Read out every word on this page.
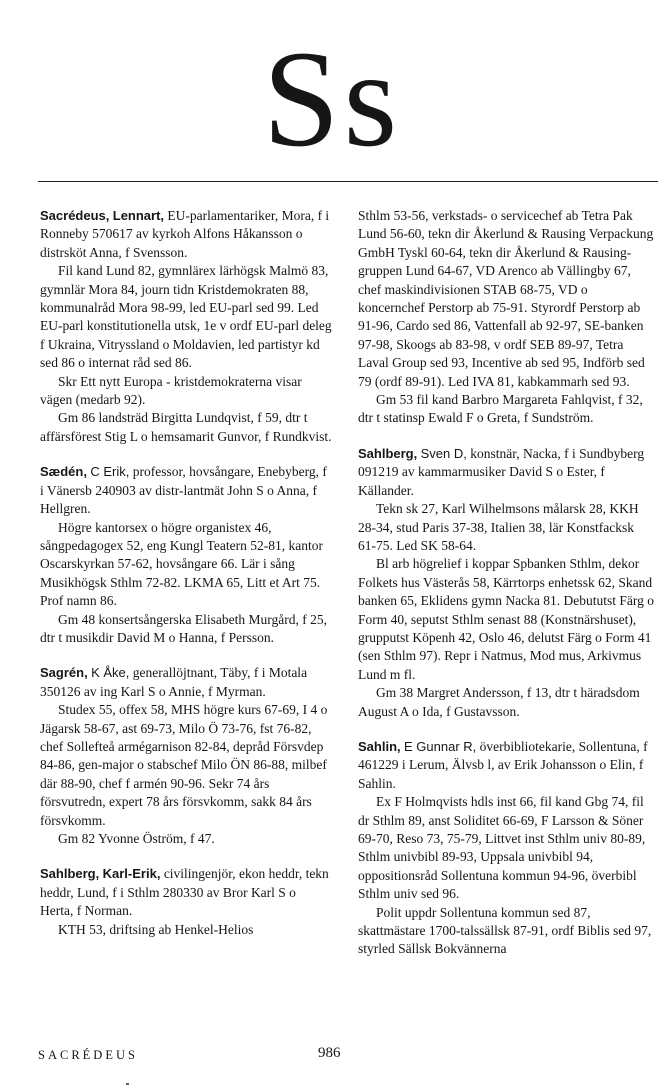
Ss

Sacrédeus, Lennart, EU-parlamentariker, Mora, f i Ronneby 570617 av kyrkoh Alfons Håkansson o distrsköt Anna, f Svensson.

Fil kand Lund 82, gymnlärex lärhögsk Malmö 83, gymnlär Mora 84, journ tidn Kristdemokraten 88, kommunalråd Mora 98-99, led EU-parl sed 99. Led EU-parl konstitutionella utsk, 1e v ordf EU-parl deleg f Ukraina, Vitryssland o Moldavien, led partistyr kd sed 86 o internat råd sed 86.

Skr Ett nytt Europa - kristdemokraterna visar vägen (medarb 92).

Gm 86 landsträd Birgitta Lundqvist, f 59, dtr t affärsförest Stig L o hemsamarit Gunvor, f Rundkvist.

Sædén, C Erik, professor, hovsångare, Enebyberg, f i Vänersb 240903 av distr-lantmät John S o Anna, f Hellgren.

Högre kantorsex o högre organistex 46, sångpedagogex 52, eng Kungl Teatern 52-81, kantor Oscarskyrkan 57-62, hovsångare 66. Lär i sång Musikhögsk Sthlm 72-82. LKMA 65, Litt et Art 75. Prof namn 86.

Gm 48 konsertsångerska Elisabeth Murgård, f 25, dtr t musikdir David M o Hanna, f Persson.

Sagrén, K Åke, generallöjtnant, Täby, f i Motala 350126 av ing Karl S o Annie, f Myrman.

Studex 55, offex 58, MHS högre kurs 67-69, I 4 o Jägarsk 58-67, ast 69-73, Milo Ö 73-76, fst 76-82, chef Sollefteå armégarnison 82-84, depråd Försvdep 84-86, gen-major o stabschef Milo ÖN 86-88, milbef där 88-90, chef f armén 90-96. Sekr 74 års försvutredn, expert 78 års försvkomm, sakk 84 års försvkomm.

Gm 82 Yvonne Öström, f 47.

Sahlberg, Karl-Erik, civilingenjör, ekon heddr, tekn heddr, Lund, f i Sthlm 280330 av Bror Karl S o Herta, f Norman.

KTH 53, driftsing ab Henkel-Helios

Sthlm 53-56, verkstads- o servicechef ab Tetra Pak Lund 56-60, tekn dir Åkerlund & Rausing Verpackung GmbH Tyskl 60-64, tekn dir Åkerlund & Rausing-gruppen Lund 64-67, VD Arenco ab Vällingby 67, chef maskindivisionen STAB 68-75, VD o koncernchef Perstorp ab 75-91. Styrordf Perstorp ab 91-96, Cardo sed 86, Vattenfall ab 92-97, SE-banken 97-98, Skoogs ab 83-98, v ordf SEB 89-97, Tetra Laval Group sed 93, Incentive ab sed 95, Indförb sed 79 (ordf 89-91). Led IVA 81, kabkammarh sed 93.

Gm 53 fil kand Barbro Margareta Fahlqvist, f 32, dtr t statinsp Ewald F o Greta, f Sundström.

Sahlberg, Sven D, konstnär, Nacka, f i Sundbyberg 091219 av kammarmusiker David S o Ester, f Källander.

Tekn sk 27, Karl Wilhelmsons målarsk 28, KKH 28-34, stud Paris 37-38, Italien 38, lär Konstfacksk 61-75. Led SK 58-64.

Bl arb högrelief i koppar Spbanken Sthlm, dekor Folkets hus Västerås 58, Kärrtorps enhetssk 62, Skand banken 65, Eklidens gymn Nacka 81. Debututst Färg o Form 40, seputst Sthlm senast 88 (Konstnärshuset), grupputst Köpenh 42, Oslo 46, delutst Färg o Form 41 (sen Sthlm 97). Repr i Natmus, Mod mus, Arkivmus Lund m fl.

Gm 38 Margret Andersson, f 13, dtr t häradsdom August A o Ida, f Gustavsson.

Sahlin, E Gunnar R, överbibliotekarie, Sollentuna, f 461229 i Lerum, Älvsb l, av Erik Johansson o Elin, f Sahlin.

Ex F Holmqvists hdls inst 66, fil kand Gbg 74, fil dr Sthlm 89, anst Soliditet 66-69, F Larsson & Söner 69-70, Reso 73, 75-79, Littvet inst Sthlm univ 80-89, Sthlm univbibl 89-93, Uppsala univbibl 94, oppositionsråd Sollentuna kommun 94-96, överbibl Sthlm univ sed 96.

Polit uppdr Sollentuna kommun sed 87, skattmästare 1700-talssällsk 87-91, ordf Biblis sed 97, styrled Sällsk Bokvännerna

SACRÉDEUS	986
